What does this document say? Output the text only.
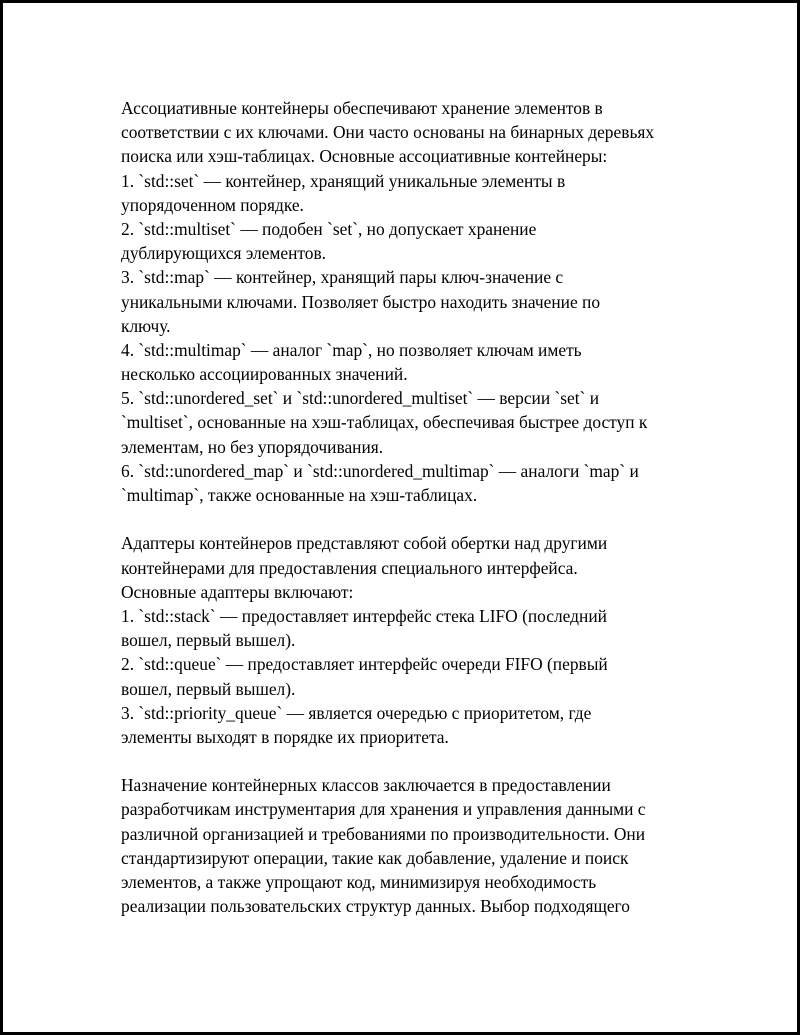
Ассоциативные контейнеры обеспечивают хранение элементов в
соответствии с их ключами. Они часто основаны на бинарных деревьях
поиска или хэш-таблицах. Основные ассоциативные контейнеры:
1. `std::set` — контейнер, хранящий уникальные элементы в
упорядоченном порядке.
2. `std::multiset` — подобен `set`, но допускает хранение
дублирующихся элементов.
3. `std::map` — контейнер, хранящий пары ключ-значение с
уникальными ключами. Позволяет быстро находить значение по
ключу.
4. `std::multimap` — аналог `map`, но позволяет ключам иметь
несколько ассоциированных значений.
5. `std::unordered_set` и `std::unordered_multiset` — версии `set` и
`multiset`, основанные на хэш-таблицах, обеспечивая быстрее доступ к
элементам, но без упорядочивания.
6. `std::unordered_map` и `std::unordered_multimap` — аналоги `map` и
`multimap`, также основанные на хэш-таблицах.
Адаптеры контейнеров представляют собой обертки над другими
контейнерами для предоставления специального интерфейса.
Основные адаптеры включают:
1. `std::stack` — предоставляет интерфейс стека LIFO (последний
вошел, первый вышел).
2. `std::queue` — предоставляет интерфейс очереди FIFO (первый
вошел, первый вышел).
3. `std::priority_queue` — является очередью с приоритетом, где
элементы выходят в порядке их приоритета.
Назначение контейнерных классов заключается в предоставлении
разработчикам инструментария для хранения и управления данными с
различной организацией и требованиями по производительности. Они
стандартизируют операции, такие как добавление, удаление и поиск
элементов, а также упрощают код, минимизируя необходимость
реализации пользовательских структур данных. Выбор подходящего
